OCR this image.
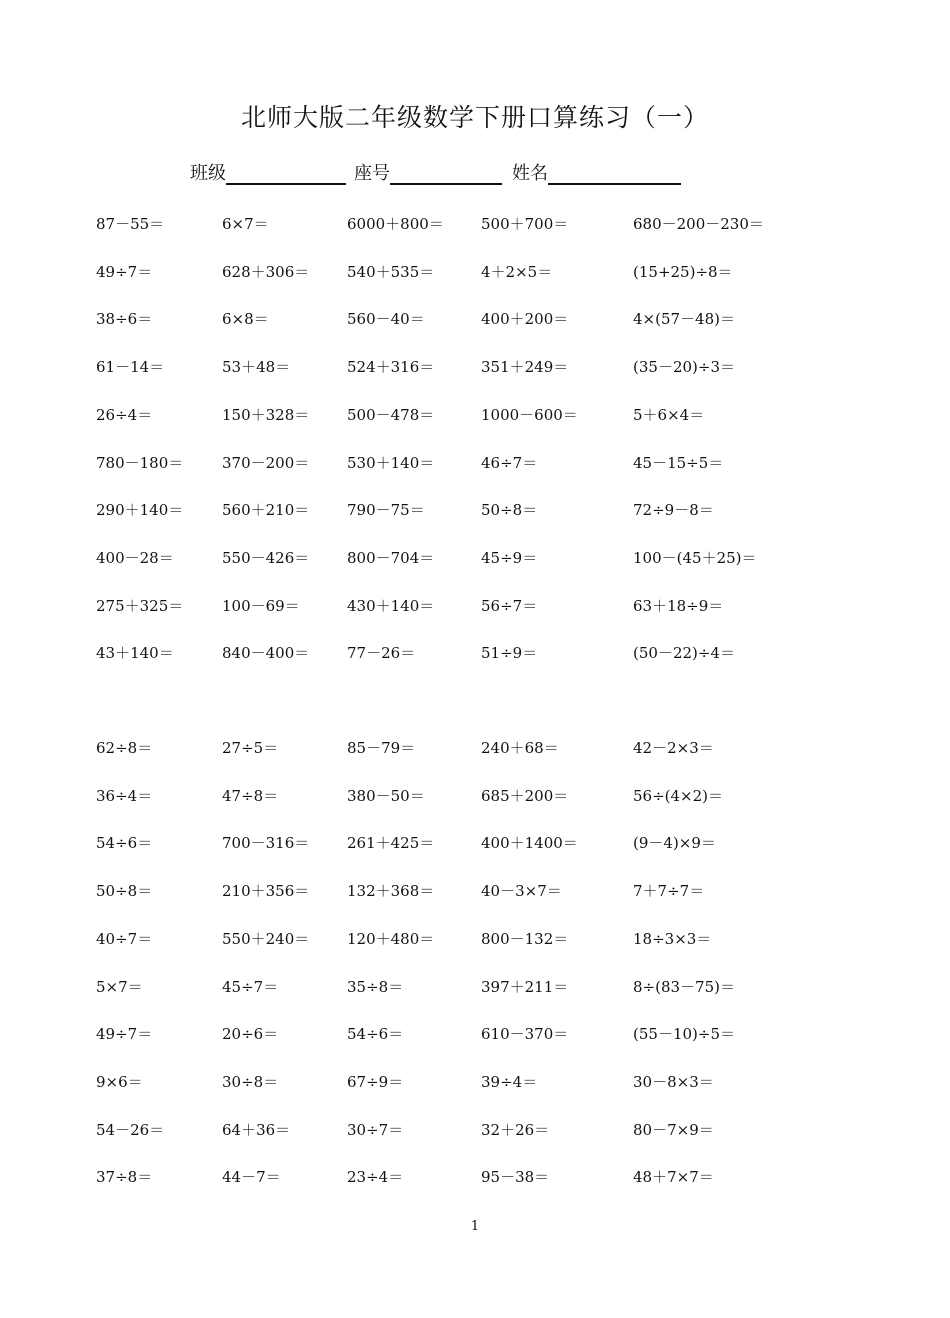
北师大版二年级数学下册口算练习（一）
班级	座号	姓名
87－55＝	6×7＝	6000＋800＝ 500＋700＝	680－200－230＝
49÷7＝	628＋306＝	540＋535＝	4＋2×5＝	(15+25)÷8＝
38÷6＝	6×8＝	560－40＝	400＋200＝	4×(57－48)＝
61－14＝	53＋48＝	524＋316＝	351＋249＝	(35－20)÷3＝
26÷4＝	150＋328＝	500－478＝	1000－600＝	5＋6×4＝
780－180＝	370－200＝	530＋140＝	46÷7＝	45－15÷5＝
290＋140＝	560＋210＝	790－75＝	50÷8＝	72÷9－8＝
400－28＝	550－426＝	800－704＝	45÷9＝	100－(45＋25)＝
275＋325＝	100－69＝	430＋140＝	56÷7＝	63＋18÷9＝
43＋140＝	840－400＝	77－26＝	51÷9＝	(50－22)÷4＝
62÷8＝	27÷5＝	85－79＝	240＋68＝	42－2×3＝
36÷4＝	47÷8＝	380－50＝	685＋200＝	56÷(4×2)＝
54÷6＝	700－316＝	261＋425＝	400＋1400＝	(9－4)×9＝
50÷8＝	210＋356＝	132＋368＝	40－3×7＝	7＋7÷7＝
40÷7＝	550＋240＝	120＋480＝	800－132＝	18÷3×3＝
5×7＝	45÷7＝	35÷8＝	397＋211＝	8÷(83－75)＝
49÷7＝	20÷6＝	54÷6＝	610－370＝	(55－10)÷5＝
9×6＝	30÷8＝	67÷9＝	39÷4＝	30－8×3＝
54－26＝	64＋36＝	30÷7＝	32＋26＝	80－7×9＝
37÷8＝	44－7＝	23÷4＝	95－38＝	48＋7×7＝
1
